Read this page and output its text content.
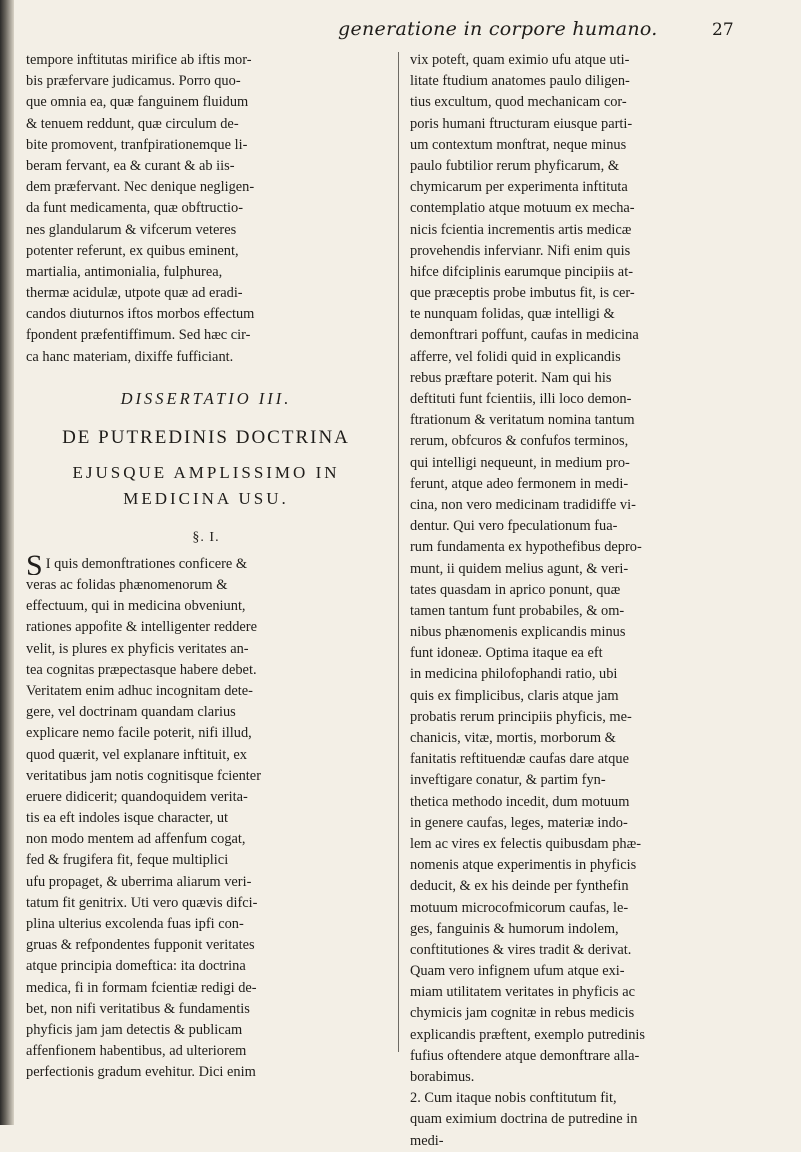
generatione in corpore humano.	27
tempore inftitutas mirifice ab iftis mor-
bis præfervare judicamus. Porro quo-
que omnia ea, quæ fanguinem fluidum
& tenuem reddunt, quæ circulum de-
bite promovent, tranfpirationemque li-
beram fervant, ea & curant & ab iis-
dem præfervant. Nec denique negligen-
da funt medicamenta, quæ obftructio-
nes glandularum & vifcerum veteres
potenter referunt, ex quibus eminent,
martialia, antimonialia, fulphurea,
thermæ acidulæ, utpote quæ ad eradi-
candos diuturnos iftos morbos effectum
fpondent præfentiffimum. Sed hæc cir-
ca hanc materiam, dixiffe fufficiant.
DISSERTATIO III.
DE PUTREDINIS DOCTRINA
EJUSQUE AMPLISSIMO IN
MEDICINA USU.
§. I.
S I quis demonftrationes conficere &
veras ac folidas phænomenorum &
effectuum, qui in medicina obveniunt,
rationes appofite & intelligenter reddere
velit, is plures ex phyficis veritates an-
tea cognitas præpectasque habere debet.
Veritatem enim adhuc incognitam dete-
gere, vel doctrinam quandam clarius
explicare nemo facile poterit, nifi illud,
quod quærit, vel explanare inftituit, ex
veritatibus jam notis cognitisque fcienter
eruere didicerit; quandoquidem verita-
tis ea eft indoles isque character, ut
non modo mentem ad affenfum cogat,
fed & frugifera fit, feque multiplici
ufu propaget, & uberrima aliarum veri-
tatum fit genitrix. Uti vero quævis difci-
plina ulterius excolenda fuas ipfi con-
gruas & refpondentes fupponit veritates
atque principia domeftica: ita doctrina
medica, fi in formam fcientiæ redigi de-
bet, non nifi veritatibus & fundamentis
phyficis jam jam detectis & publicam
affenfionem habentibus, ad ulteriorem
perfectionis gradum evehitur. Dici enim
vix poteft, quam eximio ufu atque uti-
litate ftudium anatomes paulo diligen-
tius excultum, quod mechanicam cor-
poris humani ftructuram eiusque parti-
um contextum monftrat, neque minus
paulo fubtilior rerum phyficarum, &
chymicarum per experimenta inftituta
contemplatio atque motuum ex mecha-
nicis fcientia incrementis artis medicæ
provehendis infervianr. Nifi enim quis
hifce difciplinis earumque pincipiis at-
que præceptis probe imbutus fit, is cer-
te nunquam folidas, quæ intelligi &
demonftrari poffunt, caufas in medicina
afferre, vel folidi quid in explicandis
rebus præftare poterit. Nam qui his
deftituti funt fcientiis, illi loco demon-
ftrationum & veritatum nomina tantum
rerum, obfcuros & confufos terminos,
qui intelligi nequeunt, in medium pro-
ferunt, atque adeo fermonem in medi-
cina, non vero medicinam tradidiffe vi-
dentur. Qui vero fpeculationum fua-
rum fundamenta ex hypothefibus depro-
munt, ii quidem melius agunt, & veri-
tates quasdam in aprico ponunt, quæ
tamen tantum funt probabiles, & om-
nibus phænomenis explicandis minus
funt idoneæ. Optima itaque ea eft
in medicina philofophandi ratio, ubi
quis ex fimplicibus, claris atque jam
probatis rerum principiis phyficis, me-
chanicis, vitæ, mortis, morborum &
fanitatis reftituendæ caufas dare atque
inveftigare conatur, & partim fyn-
thetica methodo incedit, dum motuum
in genere caufas, leges, materiæ indo-
lem ac vires ex felectis quibusdam phæ-
nomenis atque experimentis in phyficis
deducit, & ex his deinde per fynthefin
motuum microcofmicorum caufas, le-
ges, fanguinis & humorum indolem,
conftitutiones & vires tradit & derivat.
Quam vero infignem ufum atque exi-
miam utilitatem veritates in phyficis ac
chymicis jam cognitæ in rebus medicis
explicandis præftent, exemplo putredinis
fufius oftendere atque demonftrare alla-
borabimus.
2. Cum itaque nobis conftitutum fit,
quam eximium doctrina de putredine in
medi-
